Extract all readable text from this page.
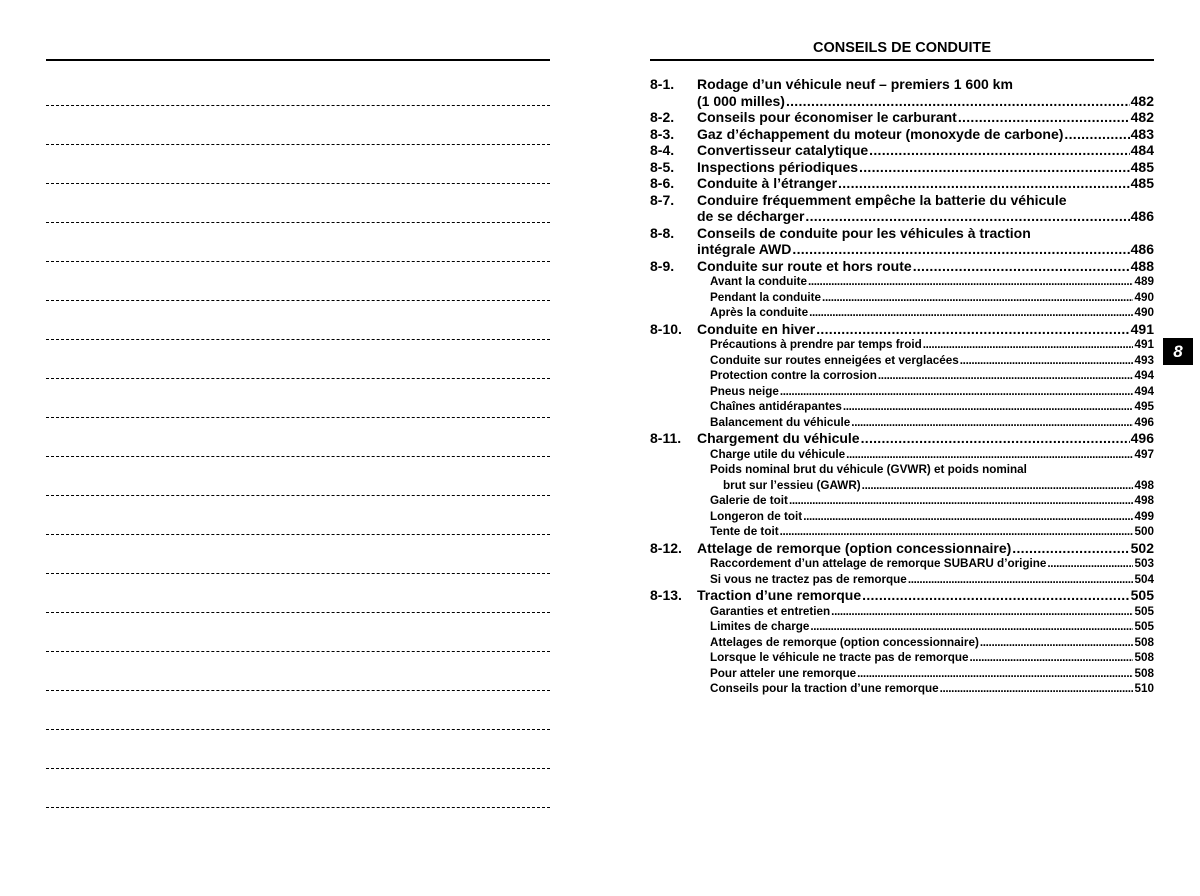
CONSEILS DE CONDUITE
8
8-1.	Rodage d’un véhicule neuf – premiers 1 600 km
(1 000 milles) . . .	482
8-2.	Conseils pour économiser le carburant . . .	482
8-3.	Gaz d’échappement du moteur (monoxyde de carbone) . . .	483
8-4.	Convertisseur catalytique . . .	484
8-5.	Inspections périodiques . . .	485
8-6.	Conduite à l’étranger . . .	485
8-7.	Conduire fréquemment empêche la batterie du véhicule
de se décharger . . .	486
8-8.	Conseils de conduite pour les véhicules à traction
intégrale AWD . . .	486
8-9.	Conduite sur route et hors route . . .	488
Avant la conduite . . .	489
Pendant la conduite . . .	490
Après la conduite . . .	490
8-10.	Conduite en hiver . . .	491
Précautions à prendre par temps froid . . .	491
Conduite sur routes enneigées et verglacées . . .	493
Protection contre la corrosion . . .	494
Pneus neige . . .	494
Chaînes antidérapantes . . .	495
Balancement du véhicule . . .	496
8-11.	Chargement du véhicule . . .	496
Charge utile du véhicule . . .	497
Poids nominal brut du véhicule (GVWR) et poids nominal
brut sur l’essieu (GAWR) . . .	498
Galerie de toit . . .	498
Longeron de toit . . .	499
Tente de toit . . .	500
8-12.	Attelage de remorque (option concessionnaire) . . .	502
Raccordement d’un attelage de remorque SUBARU d’origine . . .	503
Si vous ne tractez pas de remorque . . .	504
8-13.	Traction d’une remorque . . .	505
Garanties et entretien . . .	505
Limites de charge . . .	505
Attelages de remorque (option concessionnaire) . . .	508
Lorsque le véhicule ne tracte pas de remorque . . .	508
Pour atteler une remorque . . .	508
Conseils pour la traction d’une remorque . . .	510
